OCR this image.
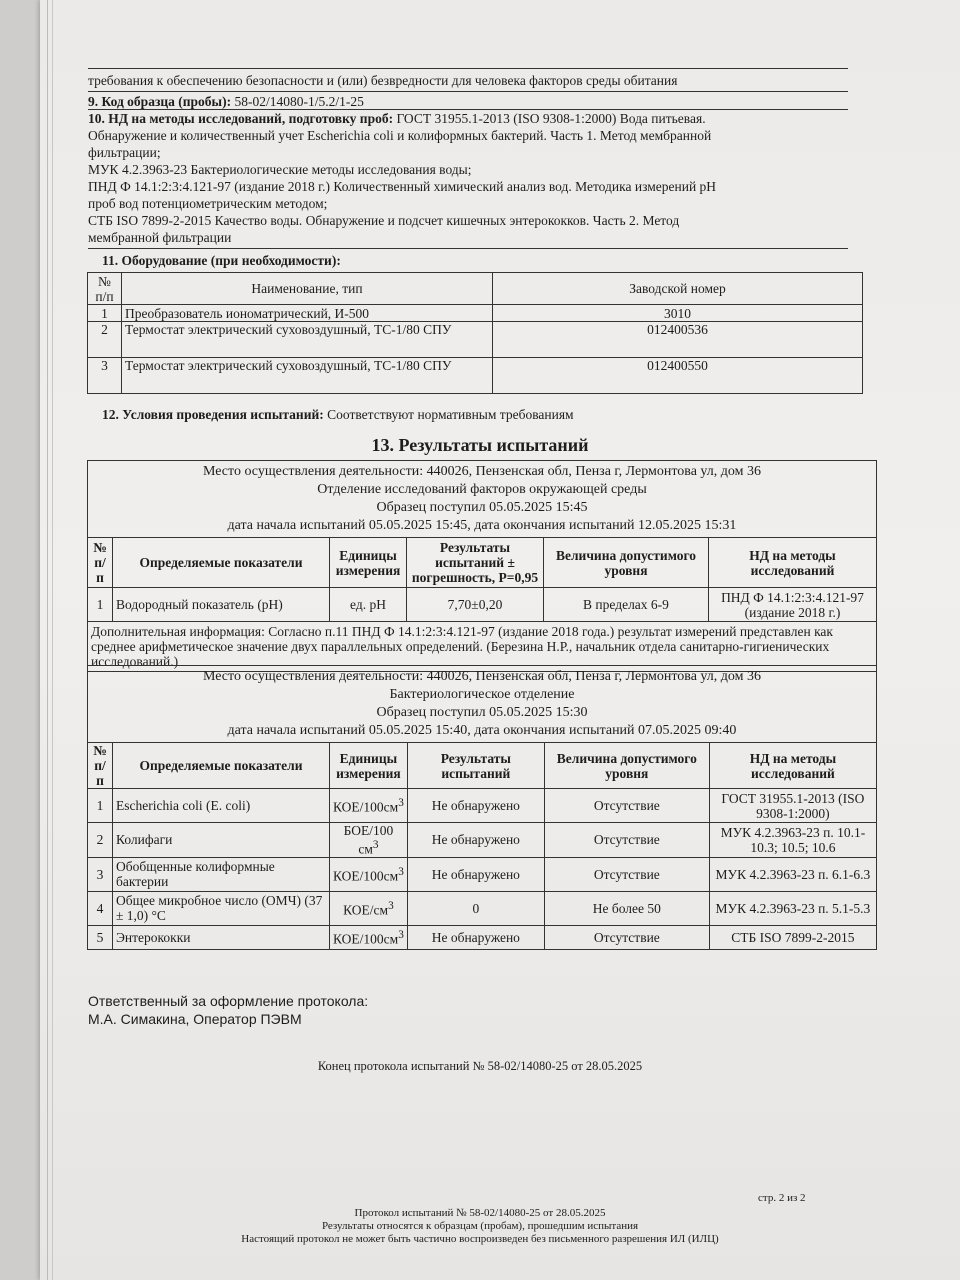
требования к обеспечению безопасности и (или) безвредности для человека факторов среды обитания
9. Код образца (пробы): 58-02/14080-1/5.2/1-25
10. НД на методы исследований, подготовку проб: ГОСТ 31955.1-2013 (ISO 9308-1:2000) Вода питьевая.
Обнаружение и количественный учет Escherichia coli и колиформных бактерий. Часть 1. Метод мембранной
фильтрации;
МУК 4.2.3963-23 Бактериологические методы исследования воды;
ПНД Ф 14.1:2:3:4.121-97 (издание 2018 г.) Количественный химический анализ вод. Методика измерений pH
проб вод потенциометрическим методом;
СТБ ISO 7899-2-2015 Качество воды. Обнаружение и подсчет кишечных энтерококков. Часть 2. Метод
мембранной фильтрации
11. Оборудование (при необходимости):
№ п/п	Наименование, тип	Заводской номер
1	Преобразователь иономатрический, И-500	3010
2	Термостат электрический суховоздушный, ТС-1/80 СПУ	012400536
3	Термостат электрический суховоздушный, ТС-1/80 СПУ	012400550
12. Условия проведения испытаний: Соответствуют нормативным требованиям
13. Результаты испытаний
Место осуществления деятельности: 440026, Пензенская обл, Пенза г, Лермонтова ул, дом 36
Отделение исследований факторов окружающей среды
Образец поступил 05.05.2025 15:45
дата начала испытаний 05.05.2025 15:45, дата окончания испытаний 12.05.2025 15:31					

№ п/п	Определяемые показатели	Единицы измерения	Результаты испытаний ± погрешность, P=0,95	Величина допустимого уровня	НД на методы исследований
1	Водородный показатель (pH)	ед. pH	7,70±0,20	В пределах 6-9	ПНД Ф 14.1:2:3:4.121-97 (издание 2018 г.)
Дополнительная информация: Согласно п.11 ПНД Ф 14.1:2:3:4.121-97 (издание 2018 года.) результат измерений представлен как среднее арифметическое значение двух параллельных определений. (Березина Н.Р., начальник отдела санитарно-гигиенических исследований.)					
Место осуществления деятельности: 440026, Пензенская обл, Пенза г, Лермонтова ул, дом 36
Бактериологическое отделение
Образец поступил 05.05.2025 15:30
дата начала испытаний 05.05.2025 15:40, дата окончания испытаний 07.05.2025 09:40					

№ п/п	Определяемые показатели	Единицы измерения	Результаты испытаний	Величина допустимого уровня	НД на методы исследований
1	Escherichia coli (E. coli)	КОЕ/$100см^3$	Не обнаружено	Отсутствие	ГОСТ 31955.1-2013 (ISO 9308-1:2000)
2	Колифаги	БОЕ/100 $см^3$	Не обнаружено	Отсутствие	МУК 4.2.3963-23 п. 10.1-10.3; 10.5; 10.6
3	Обобщенные колиформные бактерии	КОЕ/$100см^3$	Не обнаружено	Отсутствие	МУК 4.2.3963-23 п. 6.1-6.3
4	Общее микробное число (ОМЧ) (37 ± 1,0) °С	КОЕ/$см^3$	0	Не более 50	МУК 4.2.3963-23 п. 5.1-5.3
5	Энтерококки	КОЕ/$100см^3$	Не обнаружено	Отсутствие	СТБ ISO 7899-2-2015
Ответственный за оформление протокола:
М.А. Симакина, Оператор ПЭВМ
Конец протокола испытаний № 58-02/14080-25 от 28.05.2025
стр. 2 из 2
Протокол испытаний № 58-02/14080-25 от 28.05.2025
Результаты относятся к образцам (пробам), прошедшим испытания
Настоящий протокол не может быть частично воспроизведен без письменного разрешения ИЛ (ИЛЦ)
